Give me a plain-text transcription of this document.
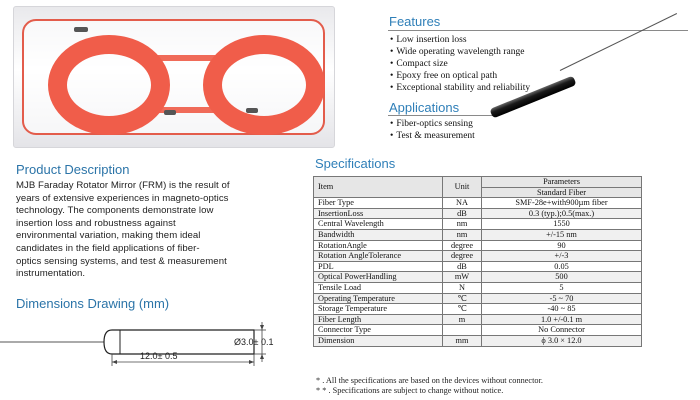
Features
• Low insertion loss
• Wide operating wavelength range
• Compact size
• Epoxy free on optical path
• Exceptional stability and reliability
Applications
• Fiber-optics sensing
• Test & measurement
Product Description
MJB Faraday Rotator Mirror (FRM) is the result of
years of extensive experiences in magneto-optics
technology. The components demonstrate low
insertion loss and robustness against
environmental variation, making them ideal
candidates in the field applications of fiber-
optics sensing systems, and test & measurement
instrumentation.
Dimensions Drawing (mm)
12.0± 0.5
Ø3.0± 0.1
Specifications
Item	Unit	Parameters
		Standard Fiber
Fiber Type	NA	SMF-28e+with900µm fiber
InsertionLoss	dB	0.3 (typ.);0.5(max.)
Central Wavelength	nm	1550
Bandwidth	nm	+/-15 nm
RotationAngle	degree	90
Rotation AngleTolerance	degree	+/-3
PDL	dB	0.05
Optical PowerHandling	mW	500
Tensile Load	N	5
Operating Temperature	℃	-5 ~ 70
Storage Temperature	℃	-40 ~ 85
Fiber Length	m	1.0 +/-0.1 m
Connector Type		No Connector
Dimension	mm	ϕ 3.0 × 12.0
* . All the specifications are based on the devices without connector.
* * . Specifications are subject to change without notice.
